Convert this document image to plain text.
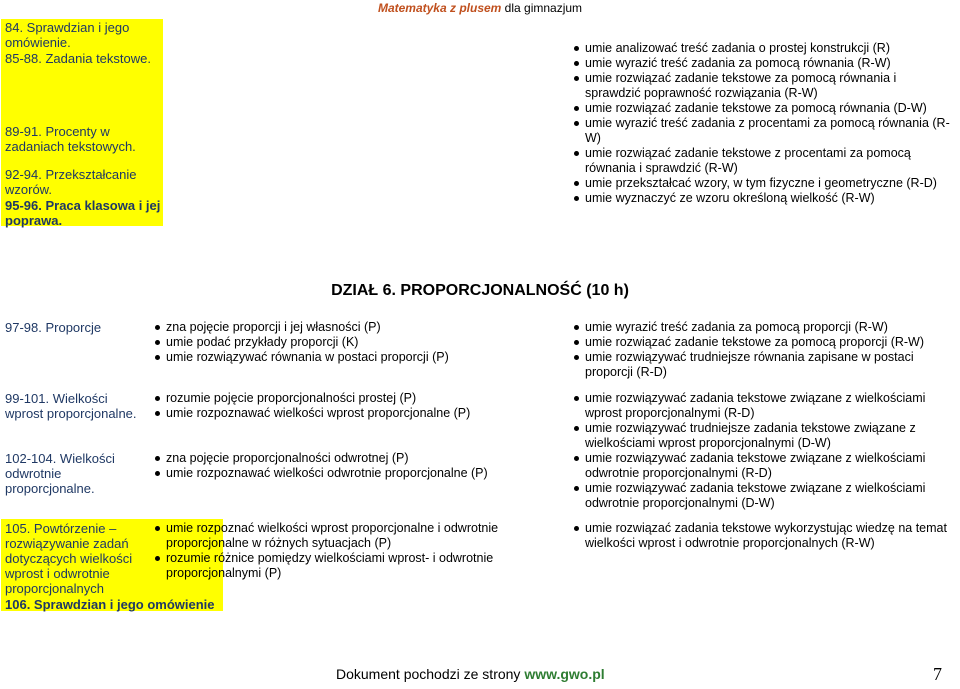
Matematyka z plusem dla gimnazjum
84. Sprawdzian i jego omówienie.
85-88. Zadania tekstowe.
89-91. Procenty w zadaniach tekstowych.
92-94. Przekształcanie wzorów.
95-96. Praca klasowa i jej poprawa.
umie analizować treść zadania o prostej konstrukcji (R)
umie wyrazić treść zadania za pomocą równania (R-W)
umie rozwiązać zadanie tekstowe za pomocą równania i sprawdzić poprawność rozwiązania (R-W)
umie rozwiązać zadanie tekstowe za pomocą równania (D-W)
umie wyrazić treść zadania z procentami za pomocą równania (R-W)
umie rozwiązać zadanie tekstowe z procentami za pomocą równania i sprawdzić (R-W)
umie przekształcać wzory, w tym fizyczne i geometryczne (R-D)
umie wyznaczyć ze wzoru określoną wielkość (R-W)
DZIAŁ 6. PROPORCJONALNOŚĆ (10 h)
97-98. Proporcje	zna pojęcie proporcji i jej własności (P)
umie podać przykłady proporcji (K)
umie rozwiązywać równania w postaci proporcji (P)
umie wyrazić treść zadania za pomocą proporcji (R-W)
umie rozwiązać zadanie tekstowe za pomocą proporcji (R-W)
umie rozwiązywać trudniejsze równania zapisane w postaci proporcji (R-D)
99-101. Wielkości wprost proporcjonalne.
rozumie pojęcie proporcjonalności prostej (P)
umie rozpoznawać wielkości wprost proporcjonalne (P)
umie rozwiązywać zadania tekstowe związane z wielkościami wprost proporcjonalnymi (R-D)
umie rozwiązywać trudniejsze zadania tekstowe związane z wielkościami wprost proporcjonalnymi (D-W)
102-104. Wielkości odwrotnie proporcjonalne.
zna pojęcie proporcjonalności odwrotnej (P)
umie rozpoznawać wielkości odwrotnie proporcjonalne (P)
umie rozwiązywać zadania tekstowe związane z wielkościami odwrotnie proporcjonalnymi (R-D)
umie rozwiązywać zadania tekstowe związane z wielkościami odwrotnie proporcjonalnymi (D-W)
105. Powtórzenie – rozwiązywanie zadań dotyczących wielkości wprost i odwrotnie proporcjonalnych
umie rozpoznać wielkości wprost proporcjonalne i odwrotnie proporcjonalne w różnych sytuacjach (P)
rozumie różnice pomiędzy wielkościami wprost- i odwrotnie proporcjonalnymi (P)
umie rozwiązać zadania tekstowe wykorzystując wiedzę na temat wielkości wprost i odwrotnie proporcjonalnych (R-W)
106. Sprawdzian i jego omówienie
Dokument pochodzi ze strony www.gwo.pl	7
